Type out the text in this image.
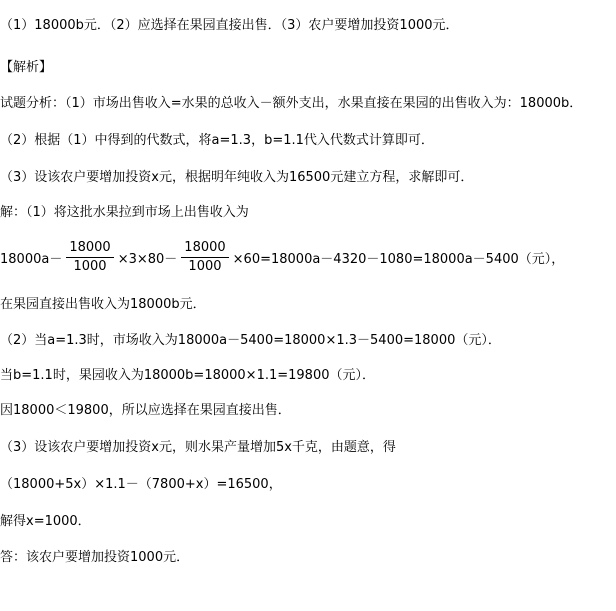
（1）18000b元．（2）应选择在果园直接出售．（3）农户要增加投资1000元．
【解析】
试题分析：（1）市场出售收入=水果的总收入－额外支出，水果直接在果园的出售收入为：18000b．
（2）根据（1）中得到的代数式，将a=1.3，b=1.1代入代数式计算即可．
（3）设该农户要增加投资x元，根据明年纯收入为16500元建立方程，求解即可．
解：（1）将这批水果拉到市场上出售收入为
$18000a- \frac{18000}{1000} \times 3\times 80- \frac{18000}{1000} \times 60=18000a-4320-1080=18000a-5400$（元），
在果园直接出售收入为18000b元．
（2）当a=1.3时，市场收入为18000a－5400=18000×1.3－5400=18000（元）．
当b=1.1时，果园收入为18000b=18000×1.1=19800（元）．
因18000＜19800，所以应选择在果园直接出售．
（3）设该农户要增加投资x元，则水果产量增加5x千克，由题意，得
（18000+5x）×1.1－（7800+x）=16500，
解得x=1000．
答：该农户要增加投资1000元．
